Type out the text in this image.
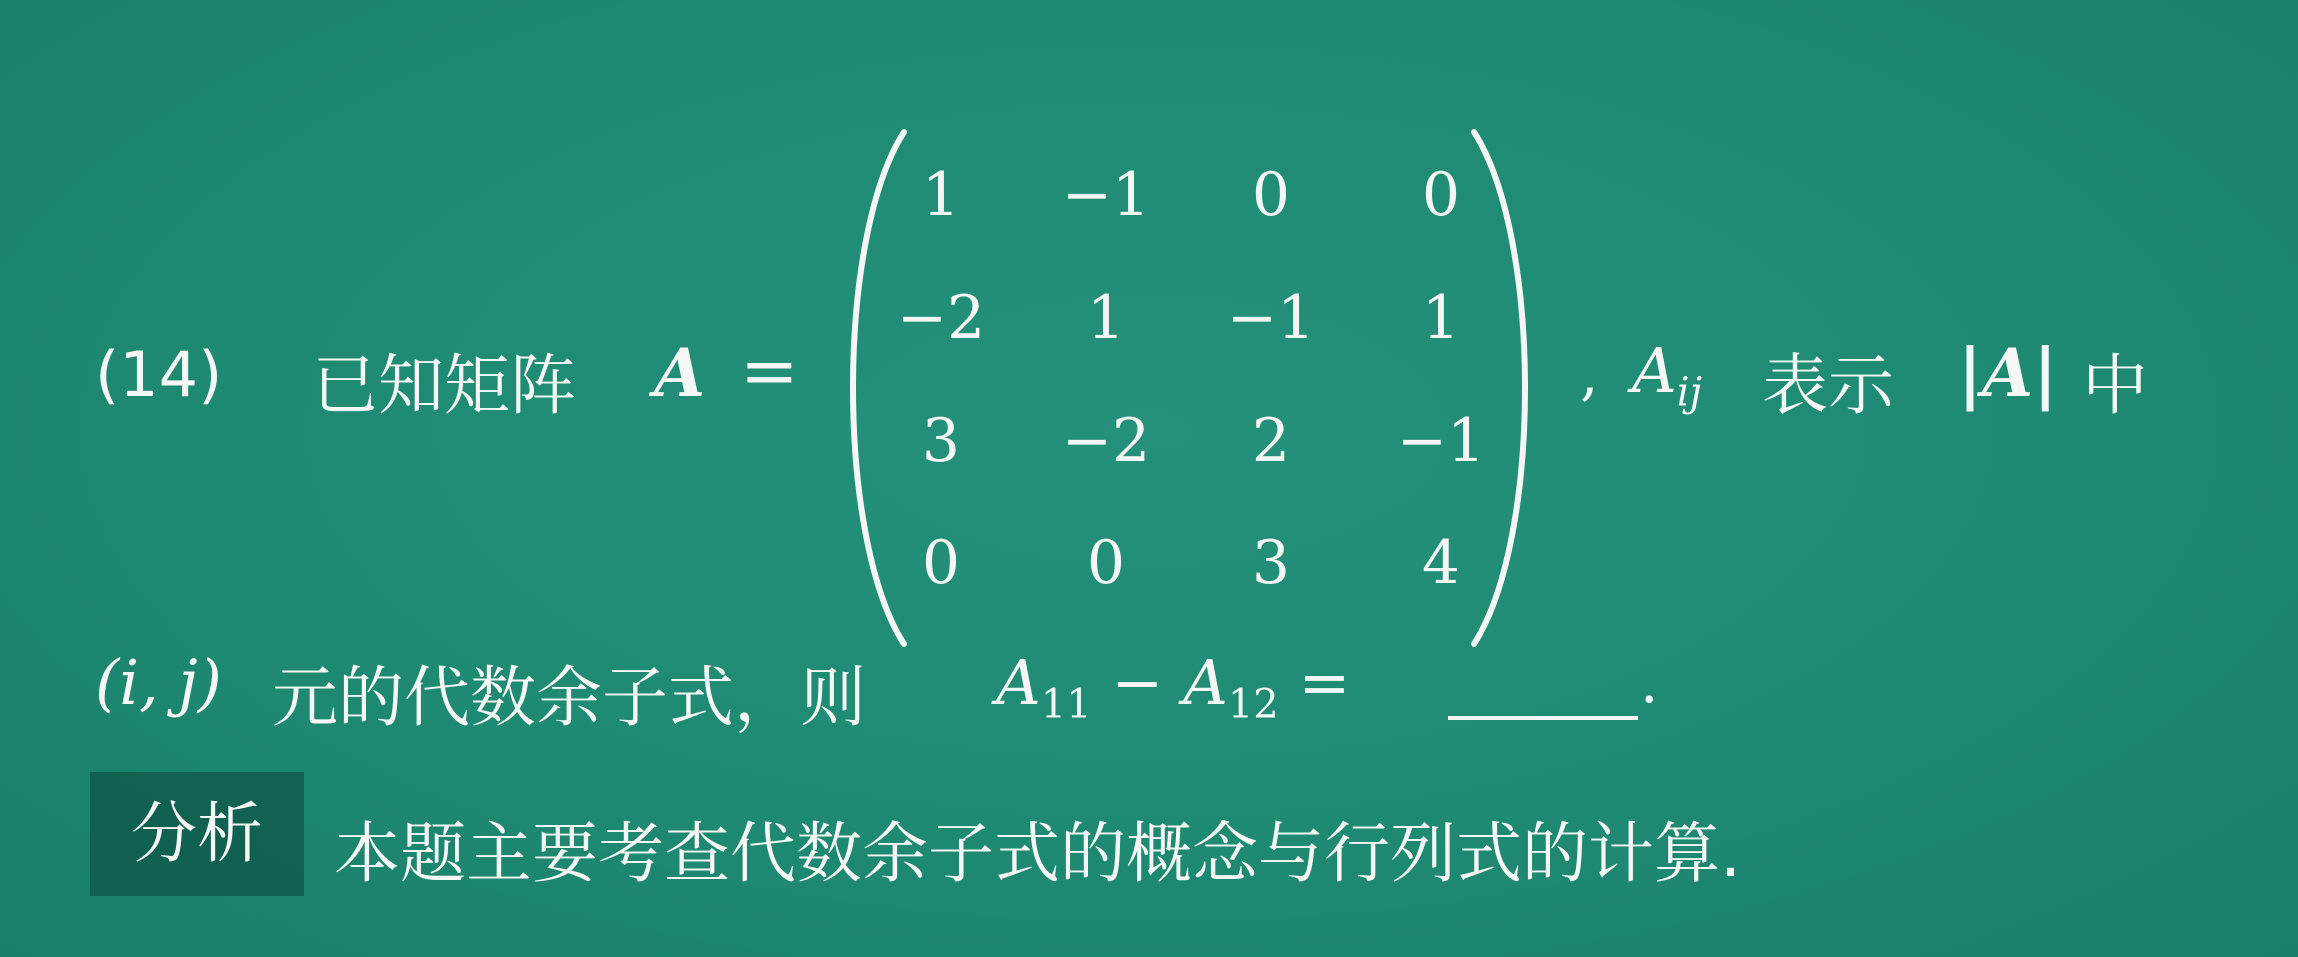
(14) 已知矩阵 A =
1	−1	0	0
−2	1	−1	1
3	−2	2	−1
0	0	3	4
, $A_{ij}$ 表示 |A| 中
(i, j) 元的代数余子式，则 $A_{11} - A_{12}$ =	.
分析	本题主要考查代数余子式的概念与行列式的计算.
